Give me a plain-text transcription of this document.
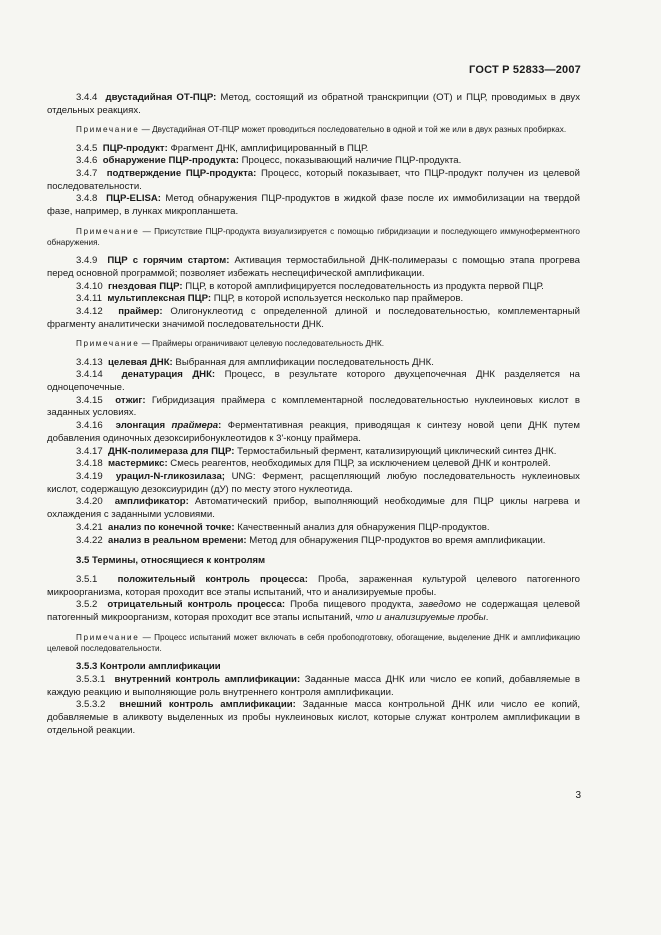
ГОСТ Р 52833—2007

3.4.4 двустадийная ОТ-ПЦР: Метод, состоящий из обратной транскрипции (ОТ) и ПЦР, проводимых в двух отдельных реакциях.

Примечание — Двустадийная ОТ-ПЦР может проводиться последовательно в одной и той же или в двух разных пробирках.

3.4.5 ПЦР-продукт: Фрагмент ДНК, амплифицированный в ПЦР.

3.4.6 обнаружение ПЦР-продукта: Процесс, показывающий наличие ПЦР-продукта.

3.4.7 подтверждение ПЦР-продукта: Процесс, который показывает, что ПЦР-продукт получен из целевой последовательности.

3.4.8 ПЦР-ELISA: Метод обнаружения ПЦР-продуктов в жидкой фазе после их иммобилизации на твердой фазе, например, в лунках микропланшета.

Примечание — Присутствие ПЦР-продукта визуализируется с помощью гибридизации и последующего иммуноферментного обнаружения.

3.4.9 ПЦР с горячим стартом: Активация термостабильной ДНК-полимеразы с помощью этапа прогрева перед основной программой; позволяет избежать неспецифической амплификации.

3.4.10 гнездовая ПЦР: ПЦР, в которой амплифицируется последовательность из продукта первой ПЦР.

3.4.11 мультиплексная ПЦР: ПЦР, в которой используется несколько пар праймеров.

3.4.12 праймер: Олигонуклеотид с определенной длиной и последовательностью, комплементарный фрагменту аналитически значимой последовательности ДНК.

Примечание — Праймеры ограничивают целевую последовательность ДНК.

3.4.13 целевая ДНК: Выбранная для амплификации последовательность ДНК.

3.4.14 денатурация ДНК: Процесс, в результате которого двухцепочечная ДНК разделяется на одноцепочечные.

3.4.15 отжиг: Гибридизация праймера с комплементарной последовательностью нуклеиновых кислот в заданных условиях.

3.4.16 элонгация праймера: Ферментативная реакция, приводящая к синтезу новой цепи ДНК путем добавления одиночных дезоксирибонуклеотидов к 3'-концу праймера.

3.4.17 ДНК-полимераза для ПЦР: Термостабильный фермент, катализирующий циклический синтез ДНК.

3.4.18 мастермикс: Смесь реагентов, необходимых для ПЦР, за исключением целевой ДНК и контролей.

3.4.19 урацил-N-гликозилаза; UNG: Фермент, расщепляющий любую последовательность нуклеиновых кислот, содержащую дезоксиуридин (дУ) по месту этого нуклеотида.

3.4.20 амплификатор: Автоматический прибор, выполняющий необходимые для ПЦР циклы нагрева и охлаждения с заданными условиями.

3.4.21 анализ по конечной точке: Качественный анализ для обнаружения ПЦР-продуктов.

3.4.22 анализ в реальном времени: Метод для обнаружения ПЦР-продуктов во время амплификации.

3.5 Термины, относящиеся к контролям

3.5.1 положительный контроль процесса: Проба, зараженная культурой целевого патогенного микроорганизма, которая проходит все этапы испытаний, что и анализируемые пробы.

3.5.2 отрицательный контроль процесса: Проба пищевого продукта, заведомо не содержащая целевой патогенный микроорганизм, которая проходит все этапы испытаний, что и анализируемые пробы.

Примечание — Процесс испытаний может включать в себя пробоподготовку, обогащение, выделение ДНК и амплификацию целевой последовательности.

3.5.3 Контроли амплификации

3.5.3.1 внутренний контроль амплификации: Заданные масса ДНК или число ее копий, добавляемые в каждую реакцию и выполняющие роль внутреннего контроля амплификации.

3.5.3.2 внешний контроль амплификации: Заданные масса контрольной ДНК или число ее копий, добавляемые в аликвоту выделенных из пробы нуклеиновых кислот, которые служат контролем амплификации в отдельной реакции.

3
